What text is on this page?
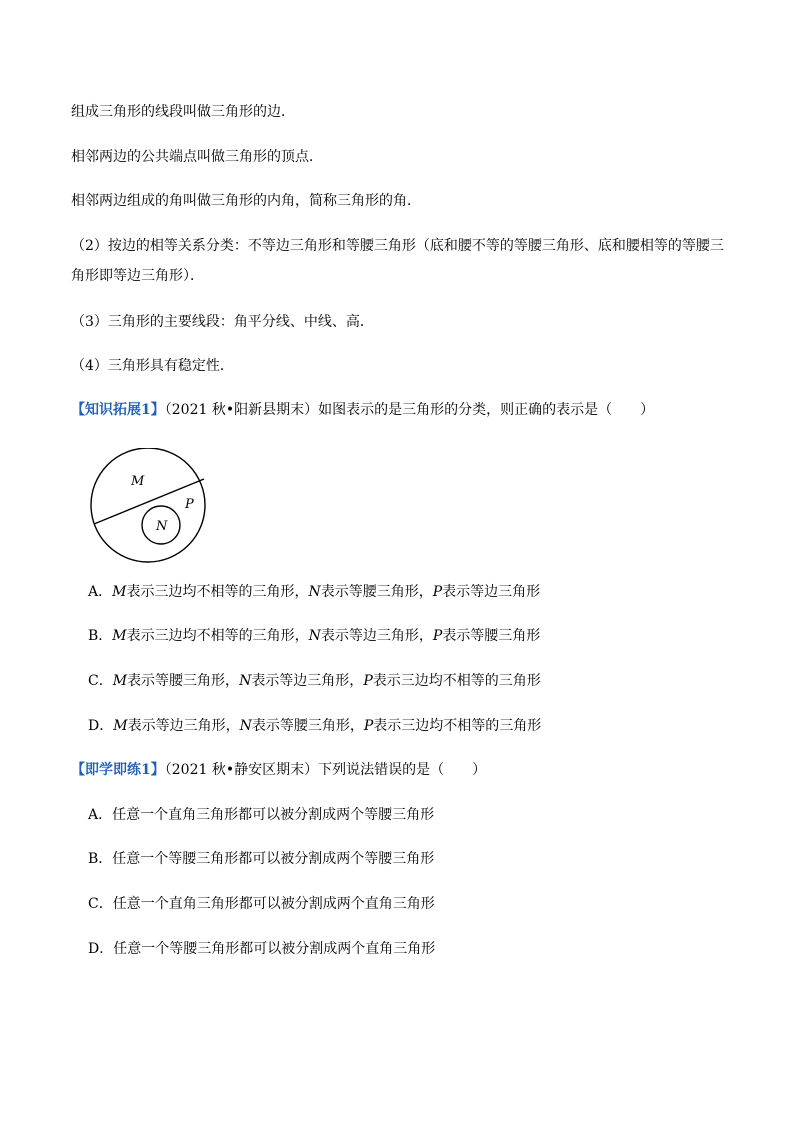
组成三角形的线段叫做三角形的边．
相邻两边的公共端点叫做三角形的顶点．
相邻两边组成的角叫做三角形的内角，简称三角形的角．
（2）按边的相等关系分类：不等边三角形和等腰三角形（底和腰不等的等腰三角形、底和腰相等的等腰三
角形即等边三角形）．
（3）三角形的主要线段：角平分线、中线、高．
（4）三角形具有稳定性．
【知识拓展1】（2021 秋•阳新县期末）如图表示的是三角形的分类，则正确的表示是（　　）
M
P
N
A．M表示三边均不相等的三角形，N表示等腰三角形，P表示等边三角形
B．M表示三边均不相等的三角形，N表示等边三角形，P表示等腰三角形
C．M表示等腰三角形，N表示等边三角形，P表示三边均不相等的三角形
D．M表示等边三角形，N表示等腰三角形，P表示三边均不相等的三角形
【即学即练1】（2021 秋•静安区期末）下列说法错误的是（　　）
A．任意一个直角三角形都可以被分割成两个等腰三角形
B．任意一个等腰三角形都可以被分割成两个等腰三角形
C．任意一个直角三角形都可以被分割成两个直角三角形
D．任意一个等腰三角形都可以被分割成两个直角三角形
